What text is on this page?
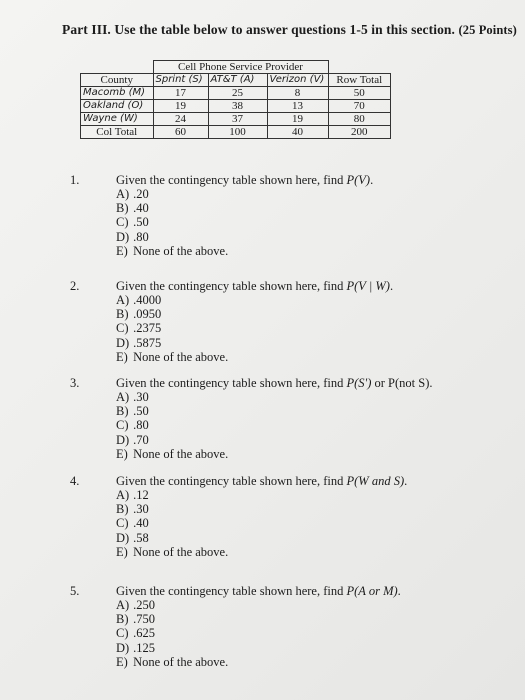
Part III. Use the table below to answer questions 1-5 in this section. (25 Points)
	Cell Phone Service Provider			
County	Sprint (S)	AT&T (A)	Verizon (V)	Row Total
Macomb (M)	17	25	8	50
Oakland (O)	19	38	13	70
Wayne (W)	24	37	19	80
Col Total	60	100	40	200
1.	Given the contingency table shown here, find P(V).
A) .20
B) .40
C) .50
D) .80
E) None of the above.
2.	Given the contingency table shown here, find P(V | W).
A) .4000
B) .0950
C) .2375
D) .5875
E) None of the above.
3.	Given the contingency table shown here, find P(S') or P(not S).
A) .30
B) .50
C) .80
D) .70
E) None of the above.
4.	Given the contingency table shown here, find P(W and S).
A) .12
B) .30
C) .40
D) .58
E) None of the above.
5.	Given the contingency table shown here, find P(A or M).
A) .250
B) .750
C) .625
D) .125
E) None of the above.
